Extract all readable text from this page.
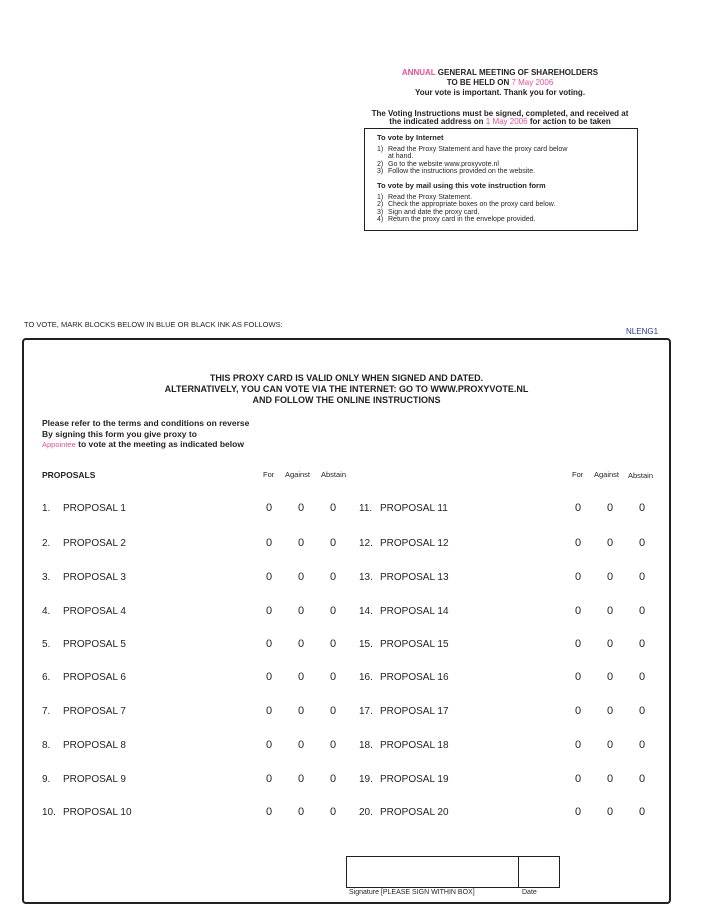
ANNUAL GENERAL MEETING OF SHAREHOLDERS
TO BE HELD ON 7 May 2006
Your vote is important. Thank you for voting.
The Voting Instructions must be signed, completed, and received at
the indicated address on 1 May 2006 for action to be taken
To vote by Internet
1) Read the Proxy Statement and have the proxy card below
at hand.
2) Go to the website www.proxyvote.nl
3) Follow the instructions provided on the website.
To vote by mail using this vote instruction form
1) Read the Proxy Statement.
2) Check the appropriate boxes on the proxy card below.
3) Sign and date the proxy card.
4) Return the proxy card in the envelope provided.
TO VOTE, MARK BLOCKS BELOW IN BLUE OR BLACK INK AS FOLLOWS:
NLENG1
THIS PROXY CARD IS VALID ONLY WHEN SIGNED AND DATED.
ALTERNATIVELY, YOU CAN VOTE VIA THE INTERNET: GO TO WWW.PROXYVOTE.NL
AND FOLLOW THE ONLINE INSTRUCTIONS
Please refer to the terms and conditions on reverse
By signing this form you give proxy to
Appointee to vote at the meeting as indicated below
PROPOSALS	For Against Abstain	For Against Abstain
1. PROPOSAL 1	0	0	0
2. PROPOSAL 2	0	0	0
3. PROPOSAL 3	0	0	0
4. PROPOSAL 4	0	0	0
5. PROPOSAL 5	0	0	0
6. PROPOSAL 6	0	0	0
7. PROPOSAL 7	0	0	0
8. PROPOSAL 8	0	0	0
9. PROPOSAL 9	0	0	0
10. PROPOSAL 10	0	0	0
11. PROPOSAL 11	0	0	0
12. PROPOSAL 12	0	0	0
13. PROPOSAL 13	0	0	0
14. PROPOSAL 14	0	0	0
15. PROPOSAL 15	0	0	0
16. PROPOSAL 16	0	0	0
17. PROPOSAL 17	0	0	0
18. PROPOSAL 18	0	0	0
19. PROPOSAL 19	0	0	0
20. PROPOSAL 20	0	0	0
Signature [PLEASE SIGN WITHIN BOX]	Date
